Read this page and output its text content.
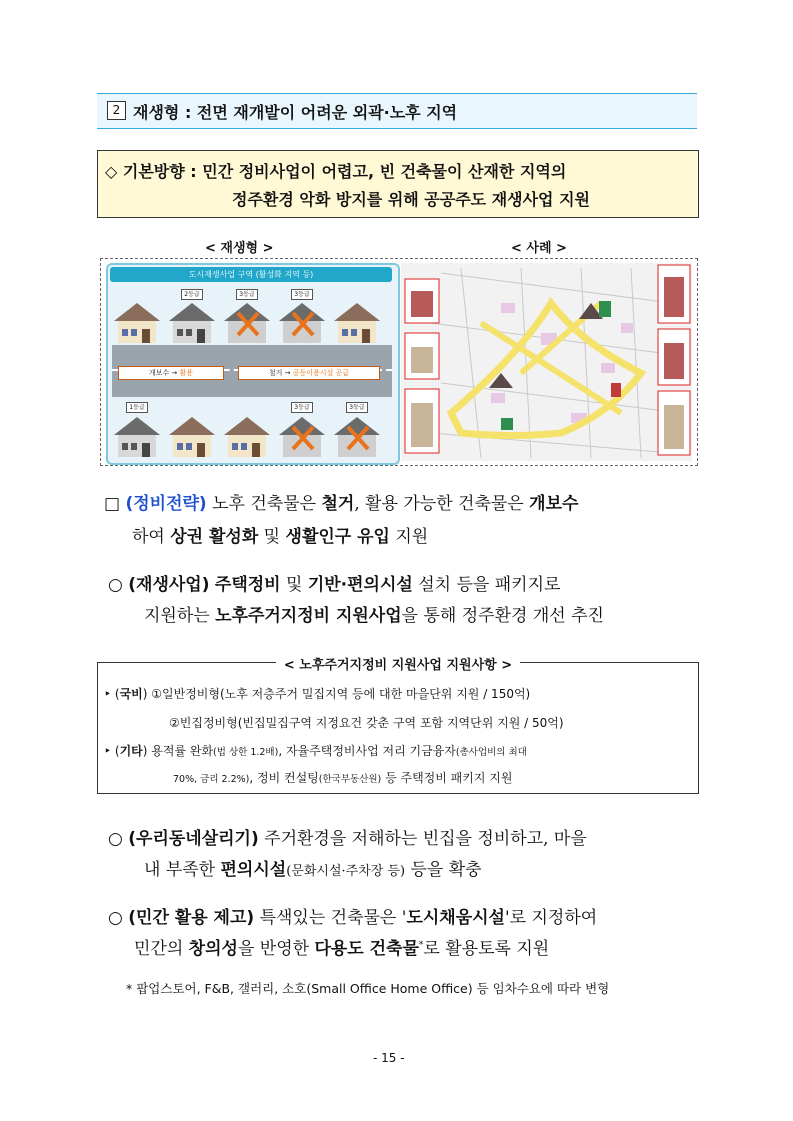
2 재생형 : 전면 재개발이 어려운 외곽·노후 지역
◇ 기본방향 : 민간 정비사업이 어렵고, 빈 건축물이 산재한 지역의
정주환경 악화 방지를 위해 공공주도 재생사업 지원
< 재생형 >	< 사례 >
도시재생사업 구역 (활성화 지역 등)
2등급	3등급	3등급
개보수 → 활용	철거 → 공동이용시설 공급
1등급	3등급	3등급
□ (정비전략) 노후 건축물은 철거, 활용 가능한 건축물은 개보수
하여 상권 활성화 및 생활인구 유입 지원
○ (재생사업) 주택정비 및 기반·편의시설 설치 등을 패키지로
지원하는 노후주거지정비 지원사업을 통해 정주환경 개선 추진
< 노후주거지정비 지원사업 지원사항 >
‣ (국비) ①일반정비형(노후 저층주거 밀집지역 등에 대한 마을단위 지원 / 150억)
②빈집정비형(빈집밀집구역 지정요건 갖춘 구역 포함 지역단위 지원 / 50억)
‣ (기타) 용적률 완화(법 상한 1.2배), 자율주택정비사업 저리 기금융자(총사업비의 최대
70%, 금리 2.2%), 정비 컨설팅(한국부동산원) 등 주택정비 패키지 지원
○ (우리동네살리기) 주거환경을 저해하는 빈집을 정비하고, 마을
내 부족한 편의시설(문화시설·주차장 등) 등을 확충
○ (민간 활용 제고) 특색있는 건축물은 '도시채움시설'로 지정하여
민간의 창의성을 반영한 다용도 건축물*로 활용토록 지원
* 팝업스토어, F&B, 갤러리, 소호(Small Office Home Office) 등 임차수요에 따라 변형
- 15 -
